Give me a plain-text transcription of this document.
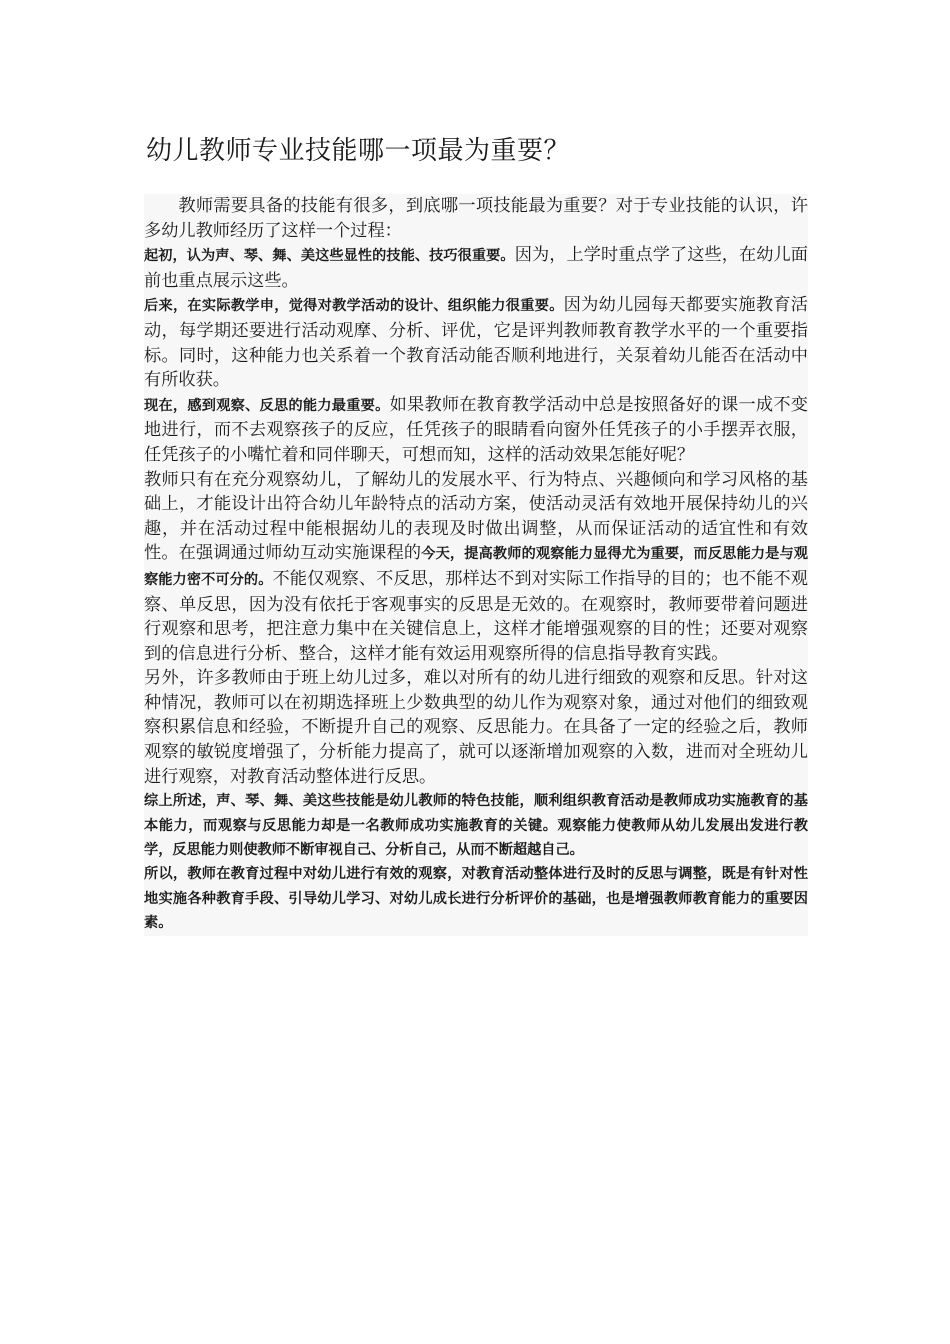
幼儿教师专业技能哪一项最为重要？

教师需要具备的技能有很多，到底哪一项技能最为重要？对于专业技能的认识，许多幼儿教师经历了这样一个过程：

起初，认为声、琴、舞、美这些显性的技能、技巧很重要。因为，上学时重点学了这些，在幼儿面前也重点展示这些。

后来，在实际教学申，觉得对教学活动的设计、组织能力很重要。因为幼儿园每天都要实施教育活动，每学期还要进行活动观摩、分析、评优，它是评判教师教育教学水平的一个重要指标。同时，这种能力也关系着一个教育活动能否顺利地进行，关泵着幼儿能否在活动中有所收获。

现在，感到观察、反思的能力最重要。如果教师在教育教学活动中总是按照备好的课一成不变地进行，而不去观察孩子的反应，任凭孩子的眼睛看向窗外任凭孩子的小手摆弄衣服，任凭孩子的小嘴忙着和同伴聊天，可想而知，这样的活动效果怎能好呢？

教师只有在充分观察幼儿，了解幼儿的发展水平、行为特点、兴趣倾向和学习风格的基础上，才能设计出符合幼儿年龄特点的活动方案，使活动灵活有效地开展保持幼儿的兴趣，并在活动过程中能根据幼儿的表现及时做出调整，从而保证活动的适宜性和有效性。在强调通过师幼互动实施课程的今天，提高教师的观察能力显得尤为重要，而反思能力是与观察能力密不可分的。不能仅观察、不反思，那样达不到对实际工作指导的目的；也不能不观察、单反思，因为没有依托于客观事实的反思是无效的。在观察时，教师要带着问题进行观察和思考，把注意力集中在关键信息上，这样才能增强观察的目的性；还要对观察到的信息进行分析、整合，这样才能有效运用观察所得的信息指导教育实践。

另外，许多教师由于班上幼儿过多，难以对所有的幼儿进行细致的观察和反思。针对这种情况，教师可以在初期选择班上少数典型的幼儿作为观察对象，通过对他们的细致观察积累信息和经验，不断提升自己的观察、反思能力。在具备了一定的经验之后，教师观察的敏锐度增强了，分析能力提高了，就可以逐渐增加观察的入数，进而对全班幼儿进行观察，对教育活动整体进行反思。

综上所述，声、琴、舞、美这些技能是幼儿教师的特色技能，顺利组织教育活动是教师成功实施教育的基本能力，而观察与反思能力却是一名教师成功实施教育的关键。观察能力使教师从幼儿发展出发进行教学，反思能力则使教师不断审视自己、分析自己，从而不断超越自己。

所以，教师在教育过程中对幼儿进行有效的观察，对教育活动整体进行及时的反思与调整，既是有针对性地实施各种教育手段、引导幼儿学习、对幼儿成长进行分析评价的基础，也是增强教师教育能力的重要因素。
